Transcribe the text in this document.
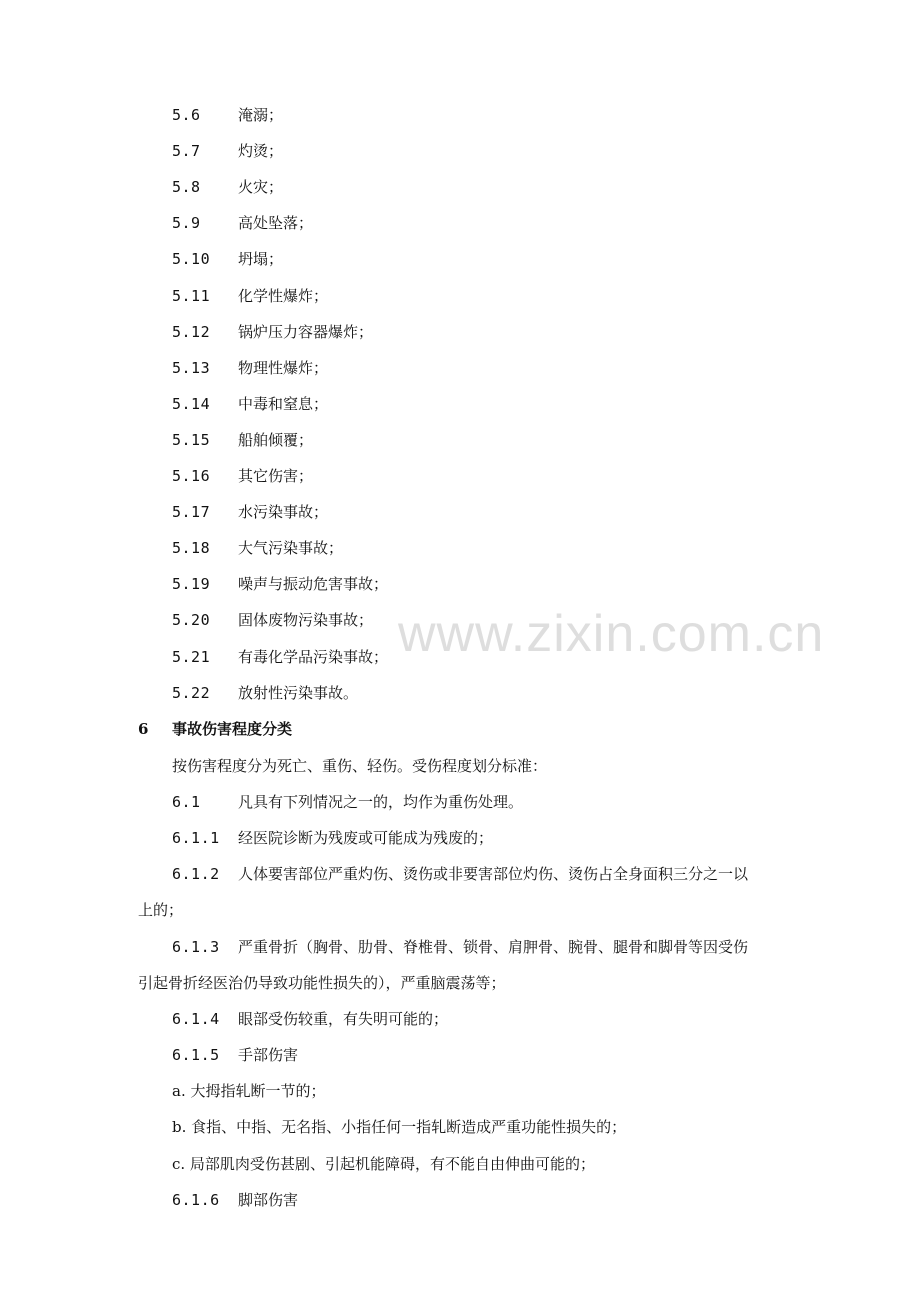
5.6 淹溺；
5.7 灼烫；
5.8 火灾；
5.9 高处坠落；
5.10 坍塌；
5.11 化学性爆炸；
5.12 锅炉压力容器爆炸；
5.13 物理性爆炸；
5.14 中毒和窒息；
5.15 船舶倾覆；
5.16 其它伤害；
5.17 水污染事故；
5.18 大气污染事故；
5.19 噪声与振动危害事故；
5.20 固体废物污染事故；
5.21 有毒化学品污染事故；
5.22 放射性污染事故。
6 事故伤害程度分类
按伤害程度分为死亡、重伤、轻伤。受伤程度划分标准：
6.1 凡具有下列情况之一的，均作为重伤处理。
6.1.1 经医院诊断为残废或可能成为残废的；
6.1.2 人体要害部位严重灼伤、烫伤或非要害部位灼伤、烫伤占全身面积三分之一以
上的；
6.1.3 严重骨折（胸骨、肋骨、脊椎骨、锁骨、肩胛骨、腕骨、腿骨和脚骨等因受伤
引起骨折经医治仍导致功能性损失的），严重脑震荡等；
6.1.4 眼部受伤较重，有失明可能的；
6.1.5 手部伤害
a. 大拇指轧断一节的；
b. 食指、中指、无名指、小指任何一指轧断造成严重功能性损失的；
c. 局部肌肉受伤甚剧、引起机能障碍，有不能自由伸曲可能的；
6.1.6 脚部伤害
www.zixin.com.cn
